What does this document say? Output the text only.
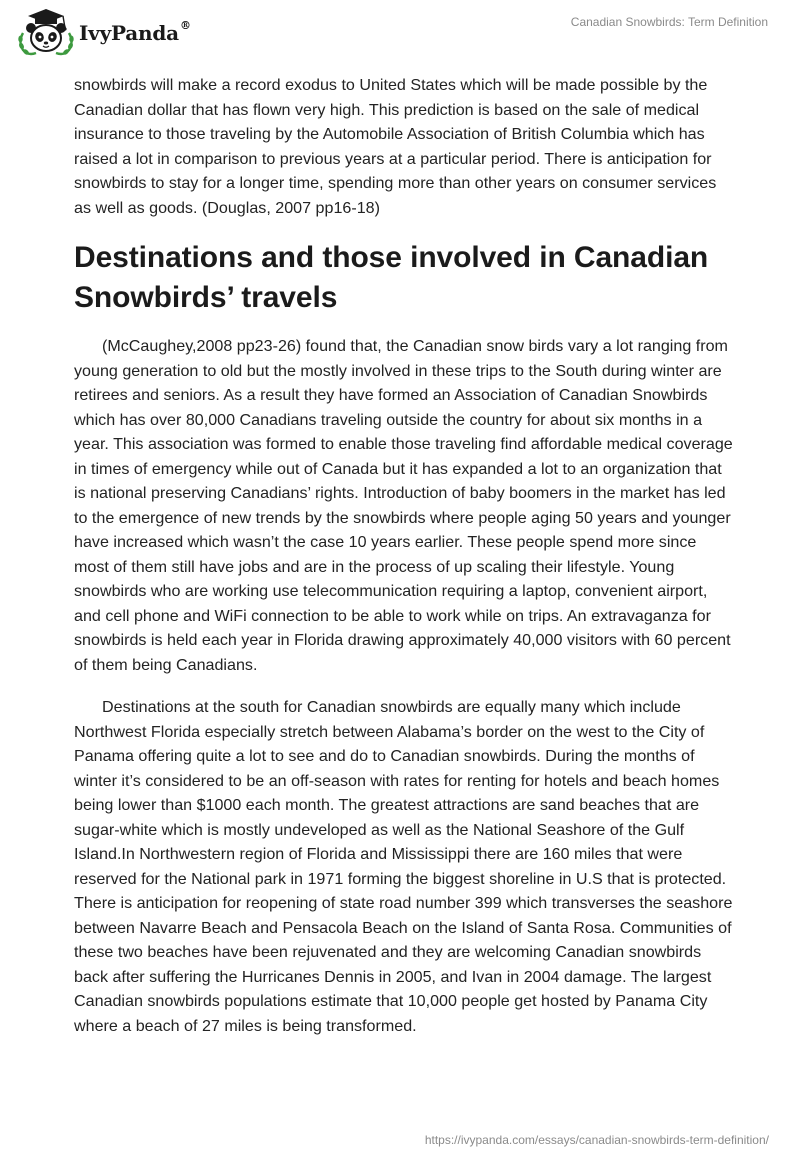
IvyPanda®	Canadian Snowbirds: Term Definition

snowbirds will make a record exodus to United States which will be made possible by the Canadian dollar that has flown very high. This prediction is based on the sale of medical insurance to those traveling by the Automobile Association of British Columbia which has raised a lot in comparison to previous years at a particular period. There is anticipation for snowbirds to stay for a longer time, spending more than other years on consumer services as well as goods. (Douglas, 2007 pp16-18)

Destinations and those involved in Canadian Snowbirds’ travels

(McCaughey,2008 pp23-26) found that, the Canadian snow birds vary a lot ranging from young generation to old but the mostly involved in these trips to the South during winter are retirees and seniors. As a result they have formed an Association of Canadian Snowbirds which has over 80,000 Canadians traveling outside the country for about six months in a year. This association was formed to enable those traveling find affordable medical coverage in times of emergency while out of Canada but it has expanded a lot to an organization that is national preserving Canadians’ rights. Introduction of baby boomers in the market has led to the emergence of new trends by the snowbirds where people aging 50 years and younger have increased which wasn’t the case 10 years earlier. These people spend more since most of them still have jobs and are in the process of up scaling their lifestyle. Young snowbirds who are working use telecommunication requiring a laptop, convenient airport, and cell phone and WiFi connection to be able to work while on trips. An extravaganza for snowbirds is held each year in Florida drawing approximately 40,000 visitors with 60 percent of them being Canadians.

Destinations at the south for Canadian snowbirds are equally many which include Northwest Florida especially stretch between Alabama’s border on the west to the City of Panama offering quite a lot to see and do to Canadian snowbirds. During the months of winter it’s considered to be an off-season with rates for renting for hotels and beach homes being lower than $1000 each month. The greatest attractions are sand beaches that are sugar-white which is mostly undeveloped as well as the National Seashore of the Gulf Island.In Northwestern region of Florida and Mississippi there are 160 miles that were reserved for the National park in 1971 forming the biggest shoreline in U.S that is protected. There is anticipation for reopening of state road number 399 which transverses the seashore between Navarre Beach and Pensacola Beach on the Island of Santa Rosa. Communities of these two beaches have been rejuvenated and they are welcoming Canadian snowbirds back after suffering the Hurricanes Dennis in 2005, and Ivan in 2004 damage. The largest Canadian snowbirds populations estimate that 10,000 people get hosted by Panama City where a beach of 27 miles is being transformed.

https://ivypanda.com/essays/canadian-snowbirds-term-definition/
